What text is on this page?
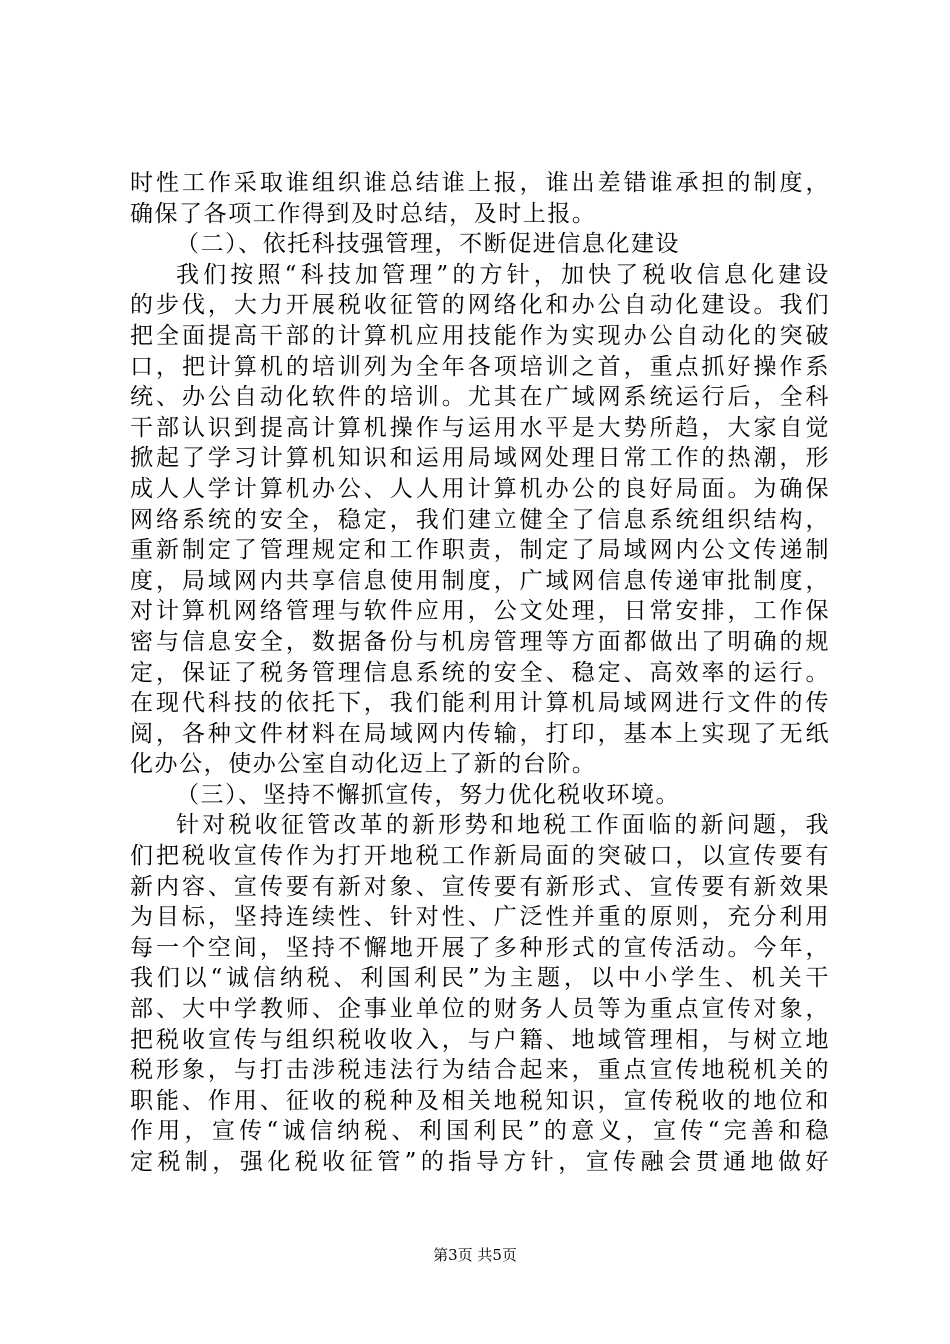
时性工作采取谁组织谁总结谁上报，谁出差错谁承担的制度，
确保了各项工作得到及时总结，及时上报。
（二）、依托科技强管理，不断促进信息化建设
我们按照“科技加管理”的方针，加快了税收信息化建设
的步伐，大力开展税收征管的网络化和办公自动化建设。我们
把全面提高干部的计算机应用技能作为实现办公自动化的突破
口，把计算机的培训列为全年各项培训之首，重点抓好操作系
统、办公自动化软件的培训。尤其在广域网系统运行后，全科
干部认识到提高计算机操作与运用水平是大势所趋，大家自觉
掀起了学习计算机知识和运用局域网处理日常工作的热潮，形
成人人学计算机办公、人人用计算机办公的良好局面。为确保
网络系统的安全，稳定，我们建立健全了信息系统组织结构，
重新制定了管理规定和工作职责，制定了局域网内公文传递制
度，局域网内共享信息使用制度，广域网信息传递审批制度，
对计算机网络管理与软件应用，公文处理，日常安排，工作保
密与信息安全，数据备份与机房管理等方面都做出了明确的规
定，保证了税务管理信息系统的安全、稳定、高效率的运行。
在现代科技的依托下，我们能利用计算机局域网进行文件的传
阅，各种文件材料在局域网内传输，打印，基本上实现了无纸
化办公，使办公室自动化迈上了新的台阶。
（三）、坚持不懈抓宣传，努力优化税收环境。
针对税收征管改革的新形势和地税工作面临的新问题，我
们把税收宣传作为打开地税工作新局面的突破口，以宣传要有
新内容、宣传要有新对象、宣传要有新形式、宣传要有新效果
为目标，坚持连续性、针对性、广泛性并重的原则，充分利用
每一个空间，坚持不懈地开展了多种形式的宣传活动。今年，
我们以“诚信纳税、利国利民”为主题，以中小学生、机关干
部、大中学教师、企事业单位的财务人员等为重点宣传对象，
把税收宣传与组织税收收入，与户籍、地域管理相，与树立地
税形象，与打击涉税违法行为结合起来，重点宣传地税机关的
职能、作用、征收的税种及相关地税知识，宣传税收的地位和
作用，宣传“诚信纳税、利国利民”的意义，宣传“完善和稳
定税制，强化税收征管”的指导方针，宣传融会贯通地做好
第3页 共5页
